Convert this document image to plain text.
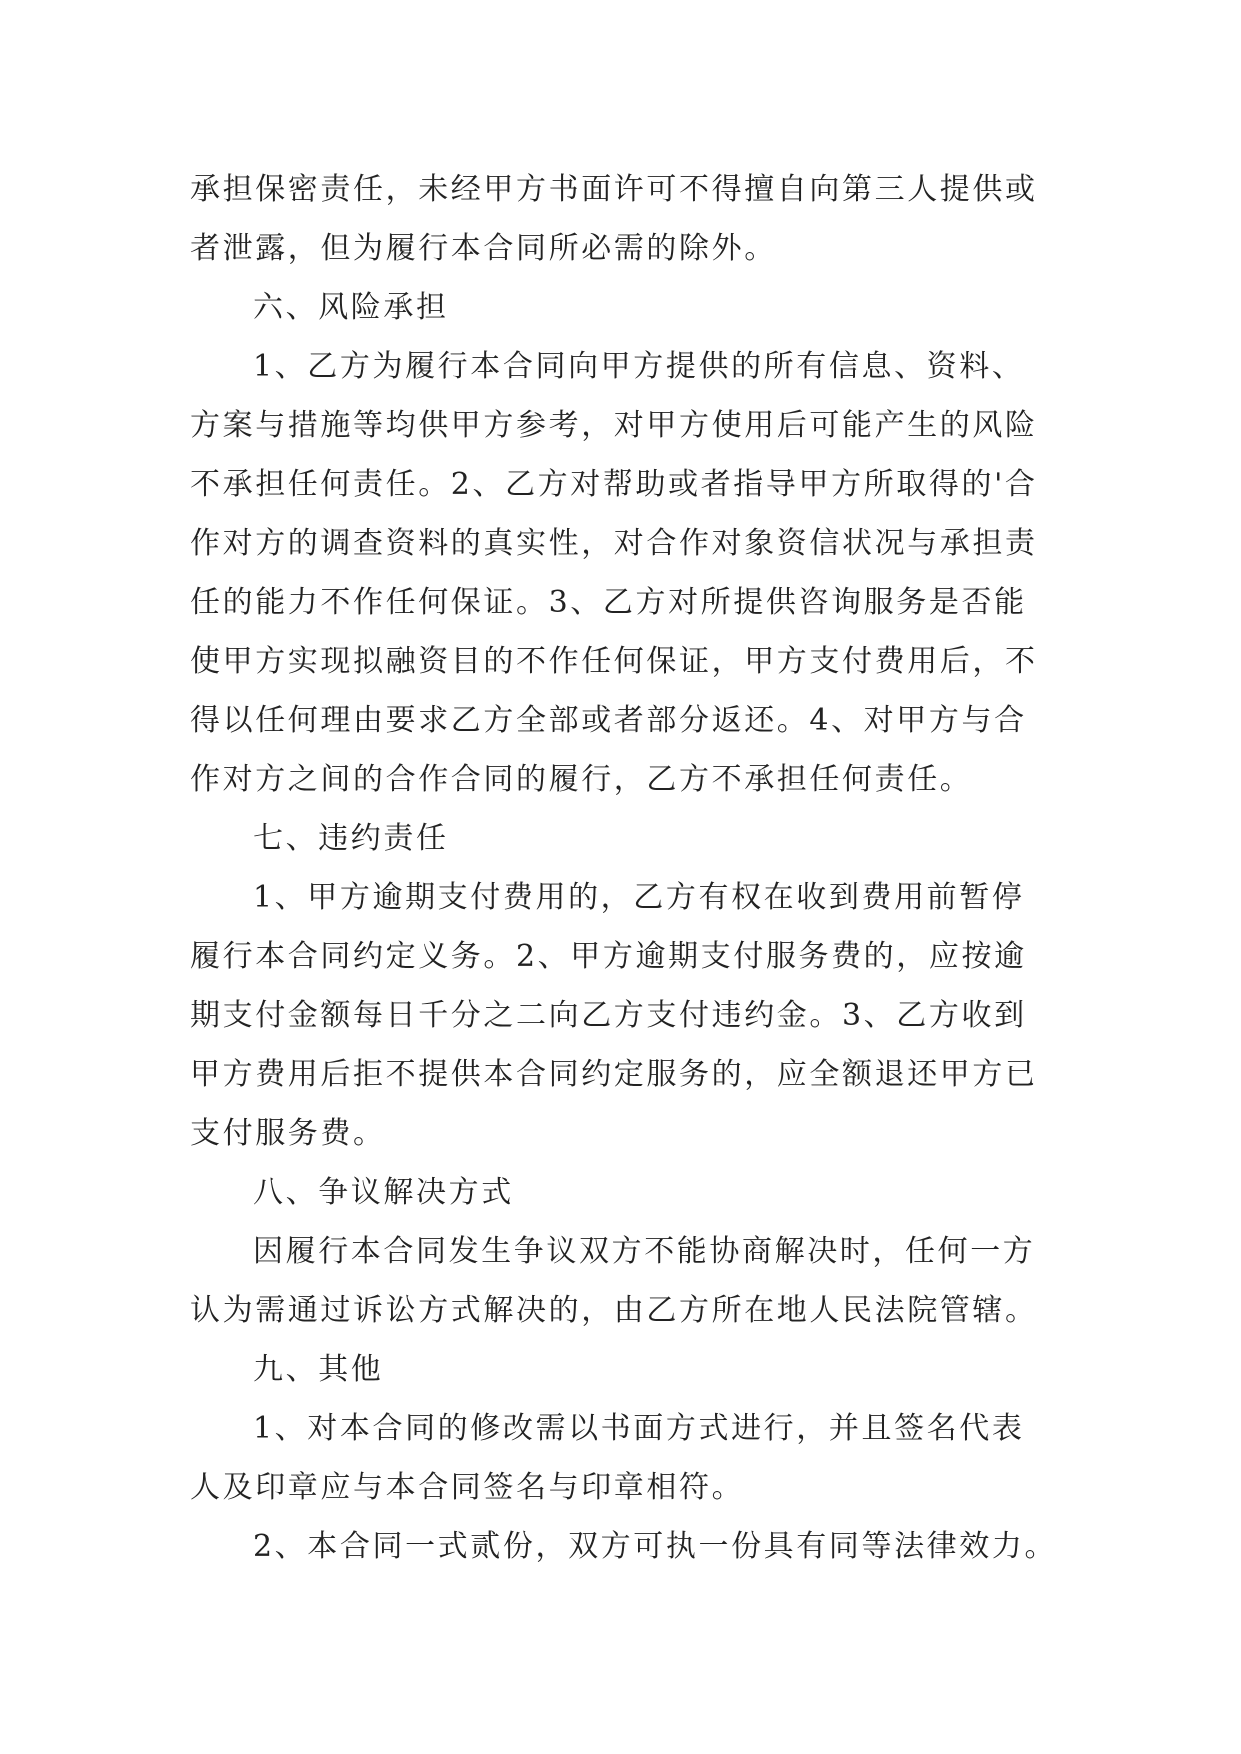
承担保密责任，未经甲方书面许可不得擅自向第三人提供或
者泄露，但为履行本合同所必需的除外。
六、风险承担
1、乙方为履行本合同向甲方提供的所有信息、资料、
方案与措施等均供甲方参考，对甲方使用后可能产生的风险
不承担任何责任。2、乙方对帮助或者指导甲方所取得的'合
作对方的调查资料的真实性，对合作对象资信状况与承担责
任的能力不作任何保证。3、乙方对所提供咨询服务是否能
使甲方实现拟融资目的不作任何保证，甲方支付费用后，不
得以任何理由要求乙方全部或者部分返还。4、对甲方与合
作对方之间的合作合同的履行，乙方不承担任何责任。
七、违约责任
1、甲方逾期支付费用的，乙方有权在收到费用前暂停
履行本合同约定义务。2、甲方逾期支付服务费的，应按逾
期支付金额每日千分之二向乙方支付违约金。3、乙方收到
甲方费用后拒不提供本合同约定服务的，应全额退还甲方已
支付服务费。
八、争议解决方式
因履行本合同发生争议双方不能协商解决时，任何一方
认为需通过诉讼方式解决的，由乙方所在地人民法院管辖。
九、其他
1、对本合同的修改需以书面方式进行，并且签名代表
人及印章应与本合同签名与印章相符。
2、本合同一式贰份，双方可执一份具有同等法律效力。
